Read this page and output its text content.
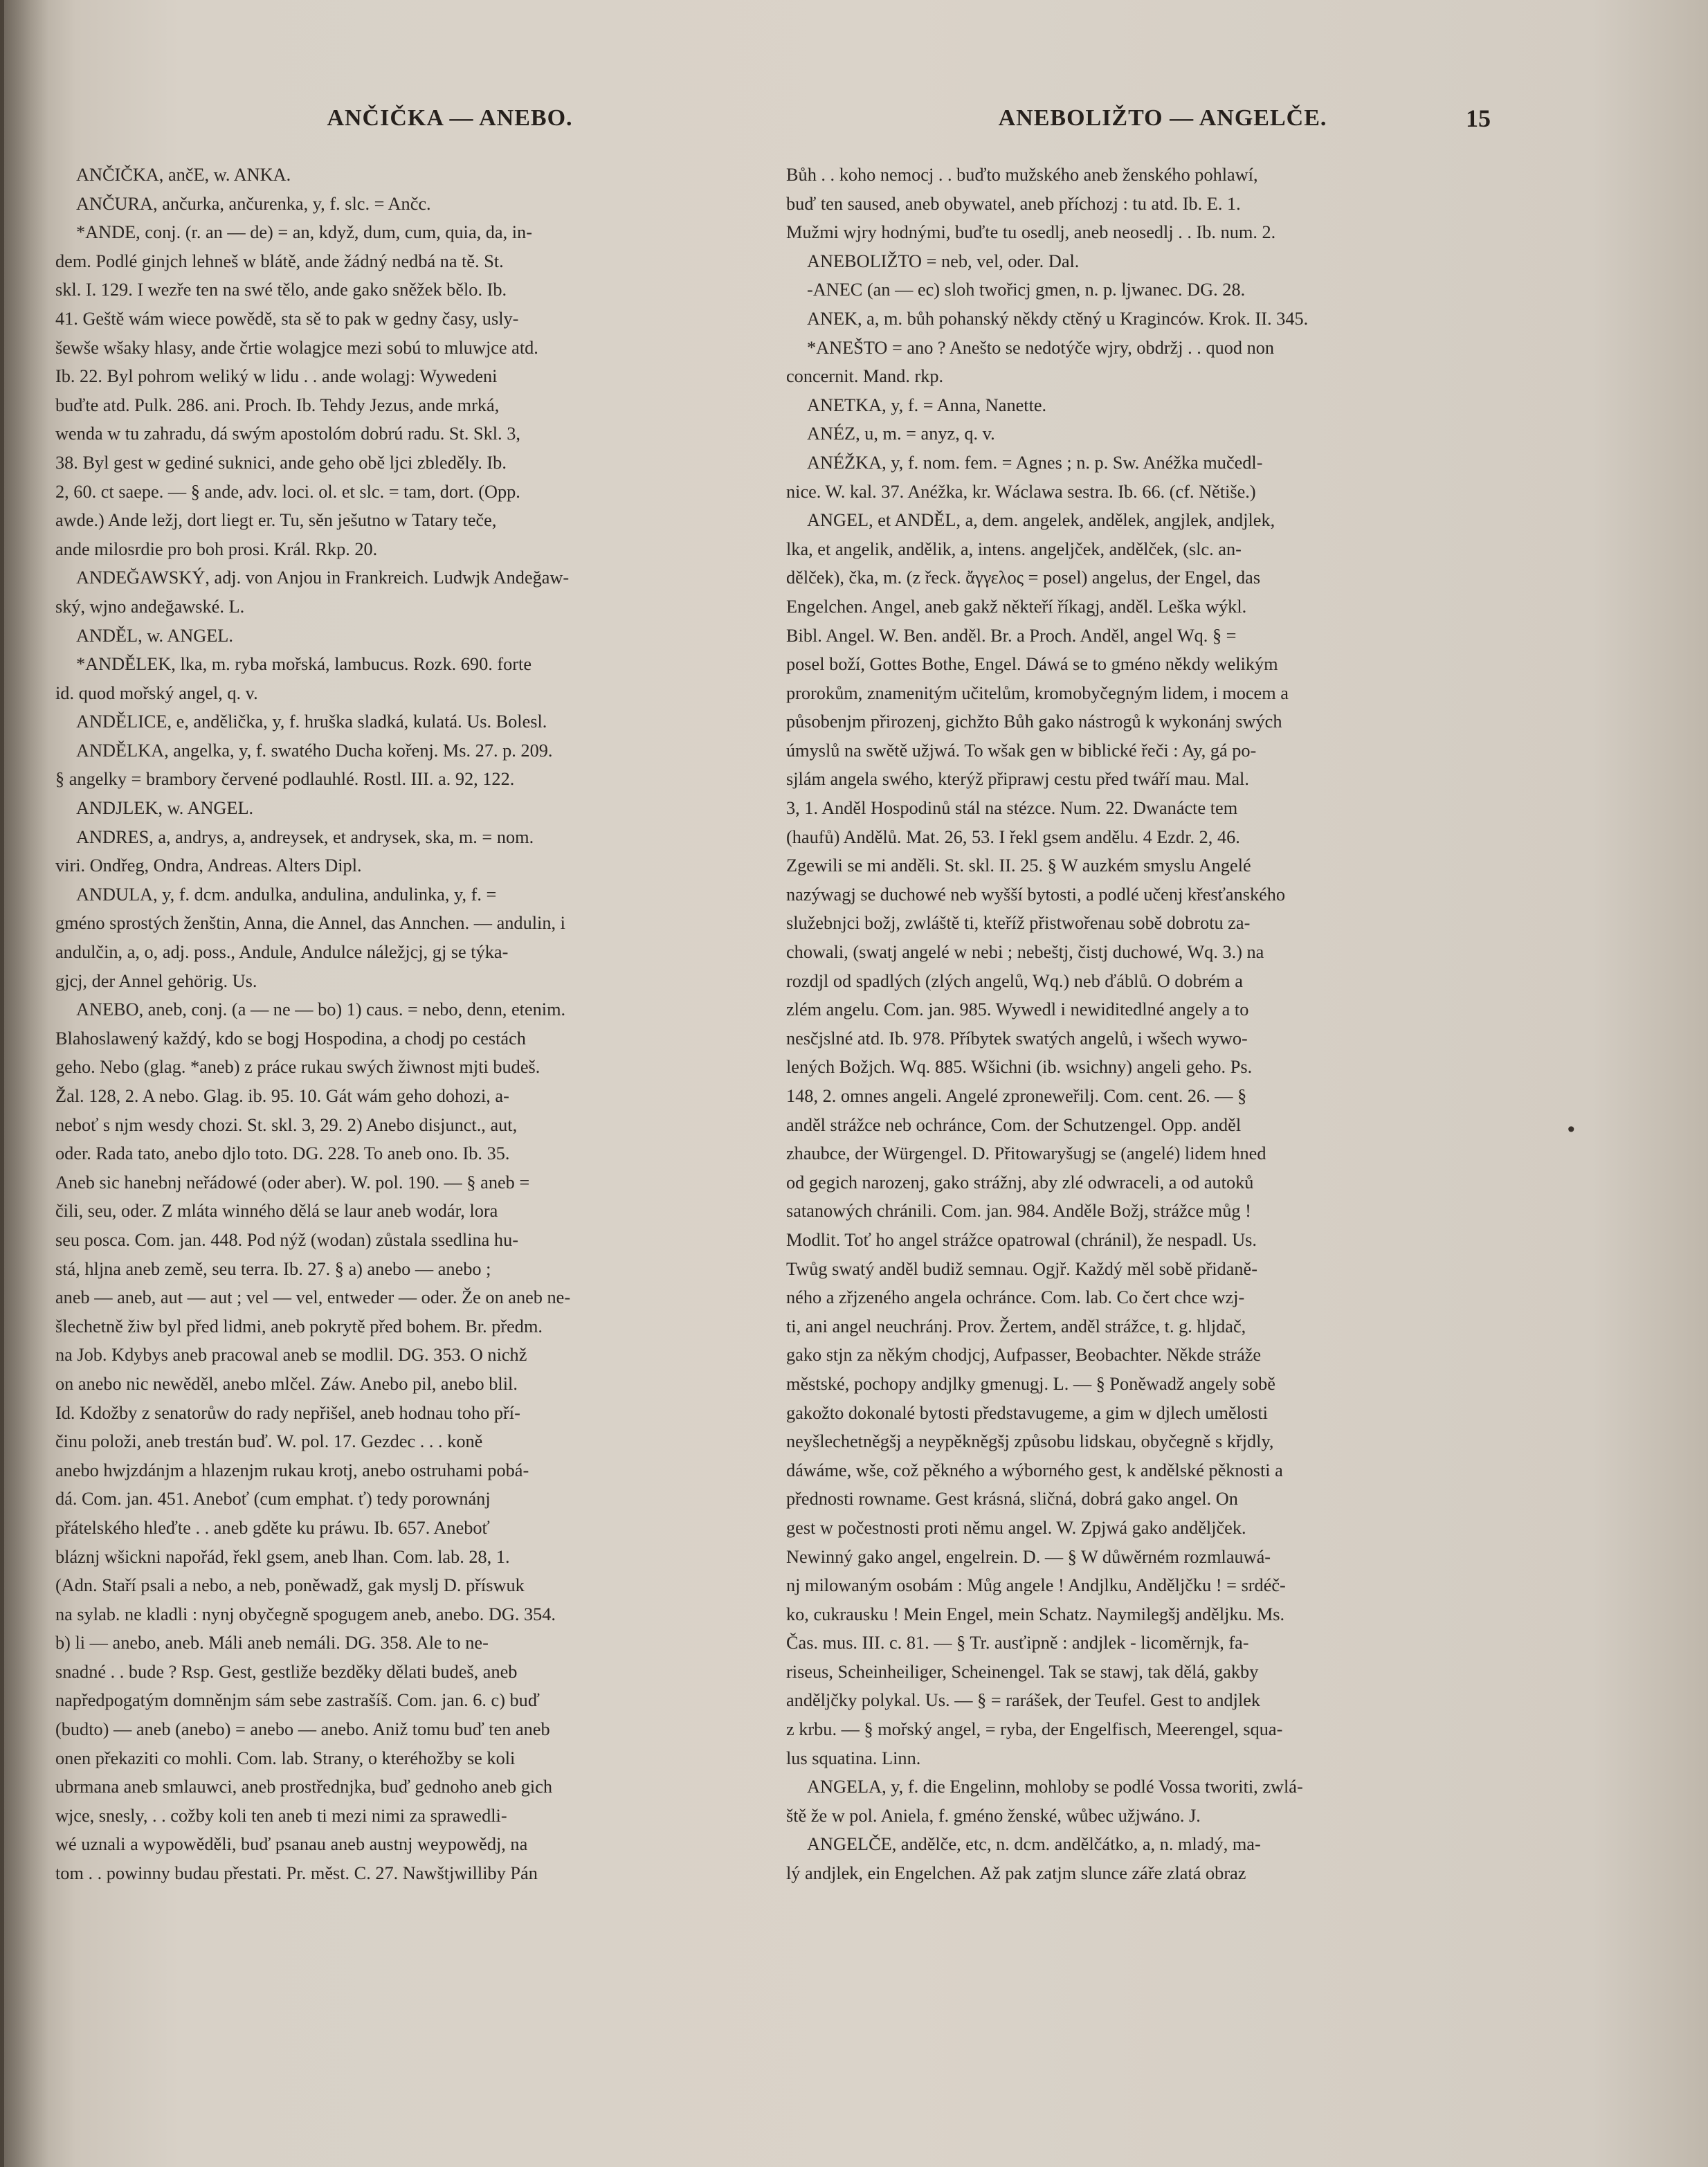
ANČIČKA — ANEBO.	ANEBOLIŽTO — ANGELČE.	15
ANČIČKA, ančE, w. ANKA.
ANČURA, ančurka, ančurenka, y, f. slc. = Ančc.
*ANDE, conj. (r. an — de) = an, když, dum, cum, quia, da, in-
dem. Podlé ginjch lehneš w blátě, ande žádný nedbá na tě. St.
skl. I. 129. I wezře ten na swé tělo, ande gako sněžek bělo. Ib.
41. Geště wám wiece powědě, sta sě to pak w gedny časy, usly-
šewše wšaky hlasy, ande črtie wolagjce mezi sobú to mluwjce atd.
Ib. 22. Byl pohrom weliký w lidu . . ande wolagj: Wywedeni
buďte atd. Pulk. 286. ani. Proch. Ib. Tehdy Jezus, ande mrká,
wenda w tu zahradu, dá swým apostolóm dobrú radu. St. Skl. 3,
38. Byl gest w gediné suknici, ande geho obě ljci zbleděly. Ib.
2, 60. ct saepe. — § ande, adv. loci. ol. et slc. = tam, dort. (Opp.
awde.) Ande ležj, dort liegt er. Tu, sěn ješutno w Tatary teče,
ande milosrdie pro boh prosi. Král. Rkp. 20.
ANDEĞAWSKÝ, adj. von Anjou in Frankreich. Ludwjk Andeğaw-
ský, wjno andeğawské. L.
ANDĚL, w. ANGEL.
*ANDĚLEK, lka, m. ryba mořská, lambucus. Rozk. 690. forte
id. quod mořský angel, q. v.
ANDĚLICE, e, andělička, y, f. hruška sladká, kulatá. Us. Bolesl.
ANDĚLKA, angelka, y, f. swatého Ducha kořenj. Ms. 27. p. 209.
§ angelky = brambory červené podlauhlé. Rostl. III. a. 92, 122.
ANDJLEK, w. ANGEL.
ANDRES, a, andrys, a, andreysek, et andrysek, ska, m. = nom.
viri. Ondřeg, Ondra, Andreas. Alters Dipl.
ANDULA, y, f. dcm. andulka, andulina, andulinka, y, f. =
gméno sprostých ženštin, Anna, die Annel, das Annchen. — andulin, i
andulčin, a, o, adj. poss., Andule, Andulce náležjcj, gj se týka-
gjcj, der Annel gehörig. Us.
ANEBO, aneb, conj. (a — ne — bo) 1) caus. = nebo, denn, etenim.
Blahoslawený každý, kdo se bogj Hospodina, a chodj po cestách
geho. Nebo (glag. *aneb) z práce rukau swých žiwnost mjti budeš.
Žal. 128, 2. A nebo. Glag. ib. 95. 10. Gát wám geho dohozi, a-
neboť s njm wesdy chozi. St. skl. 3, 29. 2) Anebo disjunct., aut,
oder. Rada tato, anebo djlo toto. DG. 228. To aneb ono. Ib. 35.
Aneb sic hanebnj neřádowé (oder aber). W. pol. 190. — § aneb =
čili, seu, oder. Z mláta winného dělá se laur aneb wodár, lora
seu posca. Com. jan. 448. Pod nýž (wodan) zůstala ssedlina hu-
stá, hljna aneb země, seu terra. Ib. 27. § a) anebo — anebo ;
aneb — aneb, aut — aut ; vel — vel, entweder — oder. Že on aneb ne-
šlechetně žiw byl před lidmi, aneb pokrytě před bohem. Br. předm.
na Job. Kdybys aneb pracowal aneb se modlil. DG. 353. O nichž
on anebo nic newěděl, anebo mlčel. Záw. Anebo pil, anebo blil.
Id. Kdožby z senatorůw do rady nepřišel, aneb hodnau toho pří-
činu položi, aneb trestán buď. W. pol. 17. Gezdec . . . koně
anebo hwjzdánjm a hlazenjm rukau krotj, anebo ostruhami pobá-
dá. Com. jan. 451. Aneboť (cum emphat. ť) tedy porownánj
přátelského hleďte . . aneb gděte ku práwu. Ib. 657. Aneboť
bláznj wšickni napořád, řekl gsem, aneb lhan. Com. lab. 28, 1.
(Adn. Staří psali a nebo, a neb, poněwadž, gak myslj D. příswuk
na sylab. ne kladli : nynj obyčegně spogugem aneb, anebo. DG. 354.
b) li — anebo, aneb. Máli aneb nemáli. DG. 358. Ale to ne-
snadné . . bude ? Rsp. Gest, gestliže bezděky dělati budeš, aneb
napředpogatým domněnjm sám sebe zastrašíš. Com. jan. 6. c) buď
(budto) — aneb (anebo) = anebo — anebo. Aniž tomu buď ten aneb
onen překaziti co mohli. Com. lab. Strany, o kteréhožby se koli
ubrmana aneb smlauwci, aneb prostřednjka, buď gednoho aneb gich
wjce, snesly, . . cožby koli ten aneb ti mezi nimi za sprawedli-
wé uznali a wypowěděli, buď psanau aneb austnj weypowědj, na
tom . . powinny budau přestati. Pr. měst. C. 27. Nawštjwilliby Pán
Bůh . . koho nemocj . . buďto mužského aneb ženského pohlawí,
buď ten saused, aneb obywatel, aneb příchozj : tu atd. Ib. E. 1.
Mužmi wjry hodnými, buďte tu osedlj, aneb neosedlj . . Ib. num. 2.
ANEBOLIŽTO = neb, vel, oder. Dal.
-ANEC (an — ec) sloh twořicj gmen, n. p. ljwanec. DG. 28.
ANEK, a, m. bůh pohanský někdy ctěný u Kraginców. Krok. II. 345.
*ANEŠTO = ano ? Anešto se nedotýče wjry, obdržj . . quod non
concernit. Mand. rkp.
ANETKA, y, f. = Anna, Nanette.
ANÉZ, u, m. = anyz, q. v.
ANÉŽKA, y, f. nom. fem. = Agnes ; n. p. Sw. Anéžka mučedl-
nice. W. kal. 37. Anéžka, kr. Wáclawa sestra. Ib. 66. (cf. Nětiše.)
ANGEL, et ANDĚL, a, dem. angelek, andělek, angjlek, andjlek,
lka, et angelik, andělik, a, intens. angeljček, andělček, (slc. an-
dělček), čka, m. (z řeck. ἄγγελος = posel) angelus, der Engel, das
Engelchen. Angel, aneb gakž někteří říkagj, anděl. Leška wýkl.
Bibl. Angel. W. Ben. anděl. Br. a Proch. Anděl, angel Wq. § =
posel boží, Gottes Bothe, Engel. Dáwá se to gméno někdy welikým
prorokům, znamenitým učitelům, kromobyčegným lidem, i mocem a
působenjm přirozenj, gichžto Bůh gako nástrogů k wykonánj swých
úmyslů na swětě užjwá. To wšak gen w biblické řeči : Ay, gá po-
sjlám angela swého, kterýž připrawj cestu před twáří mau. Mal.
3, 1. Anděl Hospodinů stál na stézce. Num. 22. Dwanácte tem
(haufů) Andělů. Mat. 26, 53. I řekl gsem andělu. 4 Ezdr. 2, 46.
Zgewili se mi anděli. St. skl. II. 25. § W auzkém smyslu Angelé
nazýwagj se duchowé neb wyšší bytosti, a podlé učenj křesťanského
služebnjci božj, zwláště ti, kteříž přistwořenau sobě dobrotu za-
chowali, (swatj angelé w nebi ; nebeštj, čistj duchowé, Wq. 3.) na
rozdjl od spadlých (zlých angelů, Wq.) neb ďáblů. O dobrém a
zlém angelu. Com. jan. 985. Wywedl i newiditedlné angely a to
nesčjslné atd. Ib. 978. Příbytek swatých angelů, i wšech wywo-
lených Božjch. Wq. 885. Wšichni (ib. wsichny) angeli geho. Ps.
148, 2. omnes angeli. Angelé zproneweřilj. Com. cent. 26. — §
anděl strážce neb ochránce, Com. der Schutzengel. Opp. anděl
zhaubce, der Würgengel. D. Přitowaryšugj se (angelé) lidem hned
od gegich narozenj, gako strážnj, aby zlé odwraceli, a od autoků
satanowých chránili. Com. jan. 984. Anděle Božj, strážce můg !
Modlit. Toť ho angel strážce opatrowal (chránil), že nespadl. Us.
Twůg swatý anděl budiž semnau. Ogjř. Každý měl sobě přidaně-
ného a zřjzeného angela ochránce. Com. lab. Co čert chce wzj-
ti, ani angel neuchránj. Prov. Žertem, anděl strážce, t. g. hljdač,
gako stjn za někým chodjcj, Aufpasser, Beobachter. Někde stráže
městské, pochopy andjlky gmenugj. L. — § Poněwadž angely sobě
gakožto dokonalé bytosti představugeme, a gim w djlech umělosti
neyšlechetněgšj a neypěkněgšj způsobu lidskau, obyčegně s křjdly,
dáwáme, wše, což pěkného a wýborného gest, k andělské pěknosti a
přednosti rowname. Gest krásná, sličná, dobrá gako angel. On
gest w počestnosti proti němu angel. W. Zpjwá gako anděljček.
Newinný gako angel, engelrein. D. — § W důwěrném rozmlauwá-
nj milowaným osobám : Můg angele ! Andjlku, Anděljčku ! = srdéč-
ko, cukrausku ! Mein Engel, mein Schatz. Naymilegšj anděljku. Ms.
Čas. mus. III. c. 81. — § Tr. ausťipně : andjlek - licoměrnjk, fa-
riseus, Scheinheiliger, Scheinengel. Tak se stawj, tak dělá, gakby
anděljčky polykal. Us. — § = rarášek, der Teufel. Gest to andjlek
z krbu. — § mořský angel, = ryba, der Engelfisch, Meerengel, squa-
lus squatina. Linn.
ANGELA, y, f. die Engelinn, mohloby se podlé Vossa tworiti, zwlá-
ště že w pol. Aniela, f. gméno ženské, wůbec užjwáno. J.
ANGELČE, andělče, etc, n. dcm. andělčátko, a, n. mladý, ma-
lý andjlek, ein Engelchen. Až pak zatjm slunce záře zlatá obraz
•
